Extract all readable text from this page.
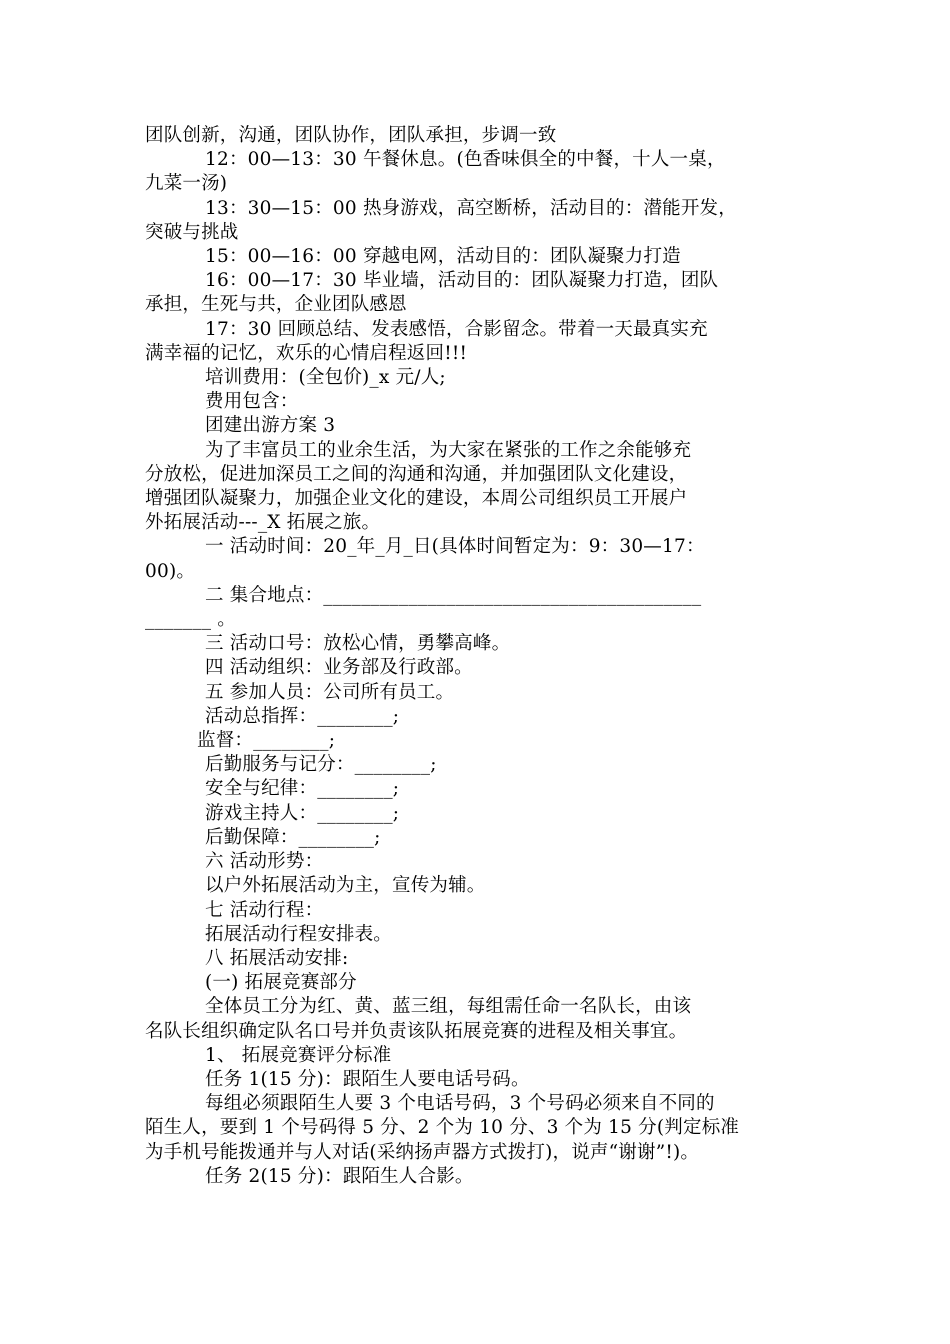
团队创新，沟通，团队协作，团队承担，步调一致
12：00—13：30 午餐休息。(色香味俱全的中餐，十人一桌，
九菜一汤)
13：30—15：00 热身游戏，高空断桥，活动目的：潜能开发，
突破与挑战
15：00—16：00 穿越电网，活动目的：团队凝聚力打造
16：00—17：30 毕业墙，活动目的：团队凝聚力打造，团队
承担，生死与共，企业团队感恩
17：30 回顾总结、发表感悟，合影留念。带着一天最真实充
满幸福的记忆，欢乐的心情启程返回!!!
培训费用：(全包价)_x 元/人;
费用包含：
团建出游方案 3
为了丰富员工的业余生活，为大家在紧张的工作之余能够充
分放松，促进加深员工之间的沟通和沟通，并加强团队文化建设，
增强团队凝聚力，加强企业文化的建设，本周公司组织员工开展户
外拓展活动---_X 拓展之旅。
一 活动时间：20_年_月_日(具体时间暂定为：9：30—17：
00)。
二 集合地点：________________________________________
_______ 。
三 活动口号：放松心情，勇攀高峰。
四 活动组织：业务部及行政部。
五 参加人员：公司所有员工。
活动总指挥：________;
监督：________;
后勤服务与记分：________;
安全与纪律：________;
游戏主持人：________;
后勤保障：________;
六 活动形势：
以户外拓展活动为主，宣传为辅。
七 活动行程：
拓展活动行程安排表。
八 拓展活动安排:
(一) 拓展竞赛部分
全体员工分为红、黄、蓝三组，每组需任命一名队长，由该
名队长组织确定队名口号并负责该队拓展竞赛的进程及相关事宜。
1、 拓展竞赛评分标准
任务 1(15 分)：跟陌生人要电话号码。
每组必须跟陌生人要 3 个电话号码，3 个号码必须来自不同的
陌生人，要到 1 个号码得 5 分、2 个为 10 分、3 个为 15 分(判定标准
为手机号能拨通并与人对话(采纳扬声器方式拨打)，说声“谢谢”!)。
任务 2(15 分)：跟陌生人合影。
